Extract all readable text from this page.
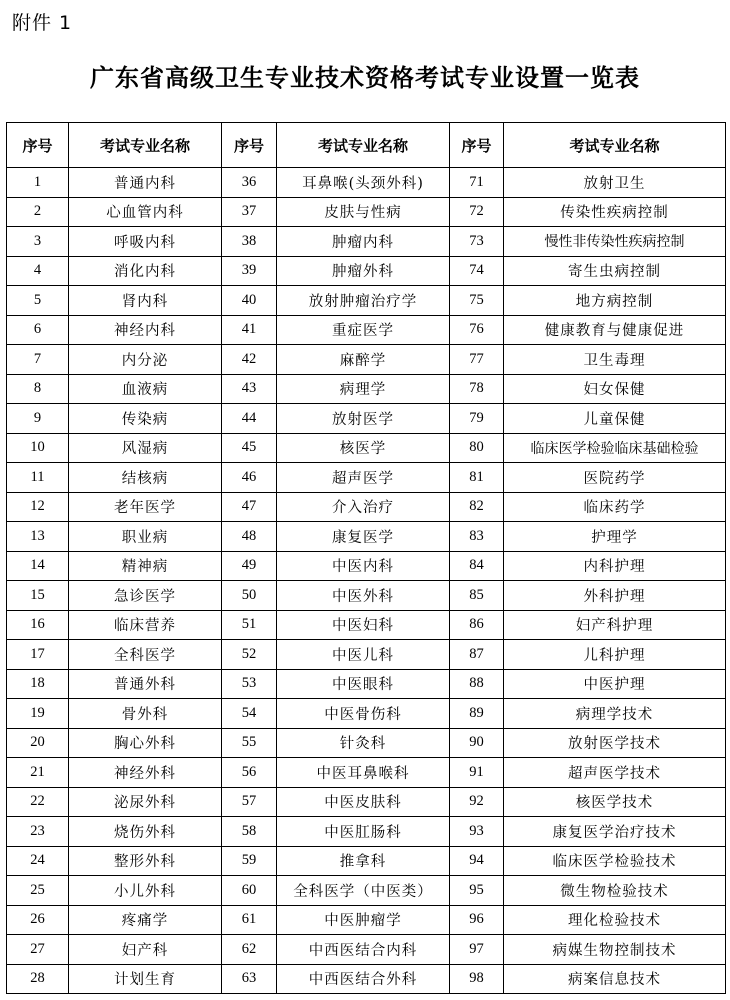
附件 1
广东省高级卫生专业技术资格考试专业设置一览表
序号	考试专业名称	序号	考试专业名称	序号	考试专业名称
1	普通内科	36	耳鼻喉(头颈外科)	71	放射卫生
2	心血管内科	37	皮肤与性病	72	传染性疾病控制
3	呼吸内科	38	肿瘤内科	73	慢性非传染性疾病控制
4	消化内科	39	肿瘤外科	74	寄生虫病控制
5	肾内科	40	放射肿瘤治疗学	75	地方病控制
6	神经内科	41	重症医学	76	健康教育与健康促进
7	内分泌	42	麻醉学	77	卫生毒理
8	血液病	43	病理学	78	妇女保健
9	传染病	44	放射医学	79	儿童保健
10	风湿病	45	核医学	80	临床医学检验临床基础检验
11	结核病	46	超声医学	81	医院药学
12	老年医学	47	介入治疗	82	临床药学
13	职业病	48	康复医学	83	护理学
14	精神病	49	中医内科	84	内科护理
15	急诊医学	50	中医外科	85	外科护理
16	临床营养	51	中医妇科	86	妇产科护理
17	全科医学	52	中医儿科	87	儿科护理
18	普通外科	53	中医眼科	88	中医护理
19	骨外科	54	中医骨伤科	89	病理学技术
20	胸心外科	55	针灸科	90	放射医学技术
21	神经外科	56	中医耳鼻喉科	91	超声医学技术
22	泌尿外科	57	中医皮肤科	92	核医学技术
23	烧伤外科	58	中医肛肠科	93	康复医学治疗技术
24	整形外科	59	推拿科	94	临床医学检验技术
25	小儿外科	60	全科医学（中医类）	95	微生物检验技术
26	疼痛学	61	中医肿瘤学	96	理化检验技术
27	妇产科	62	中西医结合内科	97	病媒生物控制技术
28	计划生育	63	中西医结合外科	98	病案信息技术
